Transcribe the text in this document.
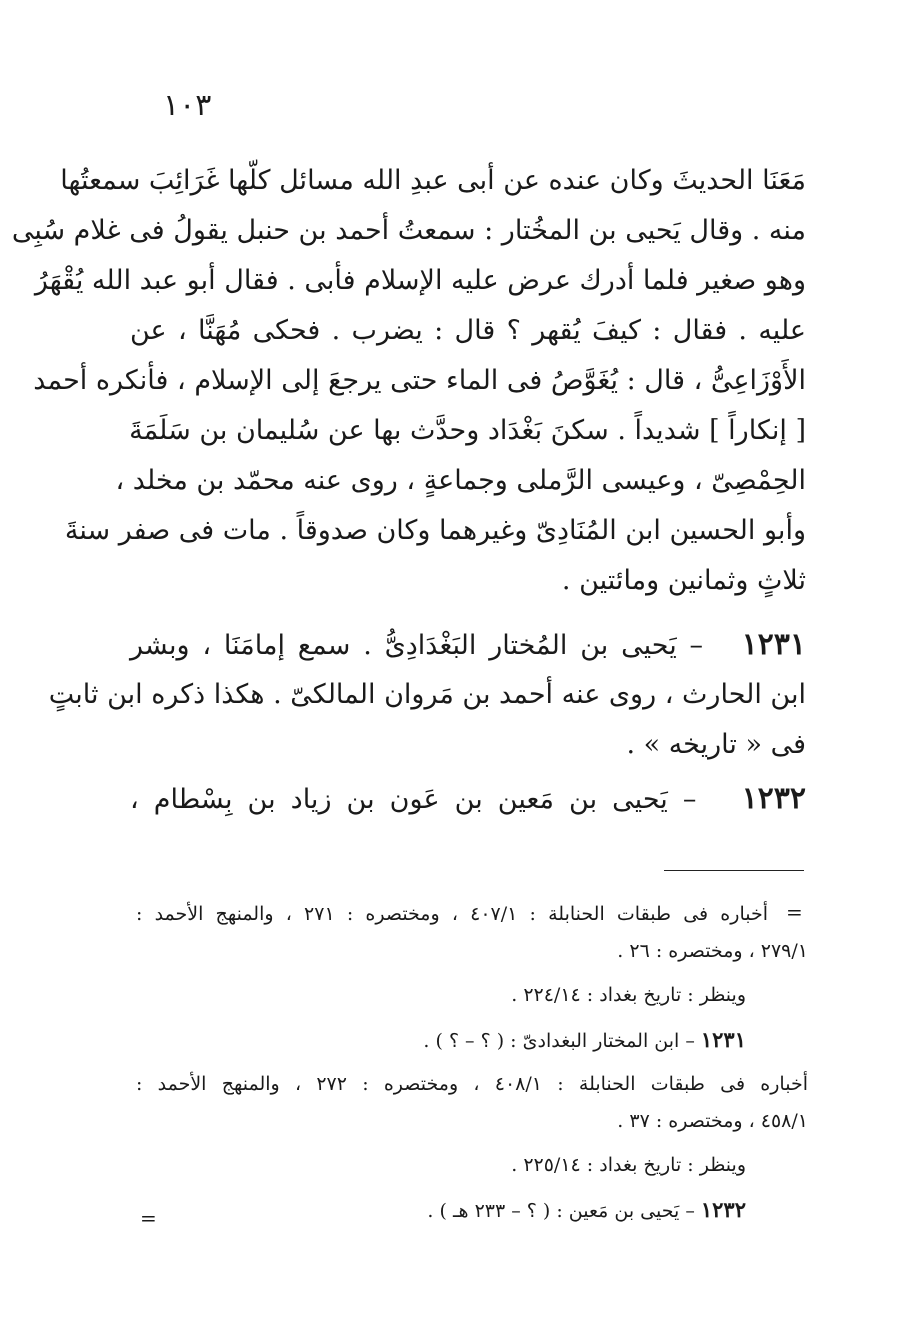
١٠٣
مَعَنَا الحديثَ وكان عنده عن أبى عبدِ الله مسائل كلّها غَرَائِبَ سمعتُها
منه . وقال يَحيى بن المخُتار : سمعتُ أحمد بن حنبل يقولُ فى غلام سُبِى
وهو صغير فلما أدرك عرض عليه الإسلام فأبى . فقال أبو عبد الله يُقْهَرُ
عليه . فقال : كيفَ يُقهر ؟ قال : يضرب . فحكى مُهَنَّا ، عن
الأَوْزَاعِىُّ ، قال : يُغَوَّصُ فى الماء حتى يرجعَ إلى الإسلام ، فأنكره أحمد
[ إنكاراً ] شديداً . سكنَ بَغْدَاد وحدَّث بها عن سُليمان بن سَلَمَةَ
الحِمْصِىّ ، وعيسى الرَّملى وجماعةٍ ، روى عنه محمّد بن مخلد ،
وأبو الحسين ابن المُنَادِىّ وغيرهما وكان صدوقاً . مات فى صفر سنةَ
ثلاثٍ وثمانين ومائتين .
١٢٣١   – يَحيى بن المُختار البَغْدَادِىُّ . سمع إمامَنَا ، وبشر
ابن الحارث ، روى عنه أحمد بن مَروان المالكىّ . هكذا ذكره ابن ثابتٍ
فى « تاريخه » .
١٢٣٢   – يَحيى بن مَعين بن عَون بن زياد بن بِسْطام ،
=
أخباره فى طبقات الحنابلة : ٤٠٧/١ ، ومختصره : ٢٧١ ، والمنهج الأحمد :
٢٧٩/١ ، ومختصره : ٢٦ .
وينظر : تاريخ بغداد : ٢٢٤/١٤ .
١٢٣١ – ابن المختار البغدادىّ : ( ؟ – ؟ ) .
أخباره فى طبقات الحنابلة : ٤٠٨/١ ، ومختصره : ٢٧٢ ، والمنهج الأحمد :
٤٥٨/١ ، ومختصره : ٣٧ .
وينظر : تاريخ بغداد : ٢٢٥/١٤ .
١٢٣٢ – يَحيى بن مَعين : ( ؟ – ٢٣٣ هـ ) .
=
